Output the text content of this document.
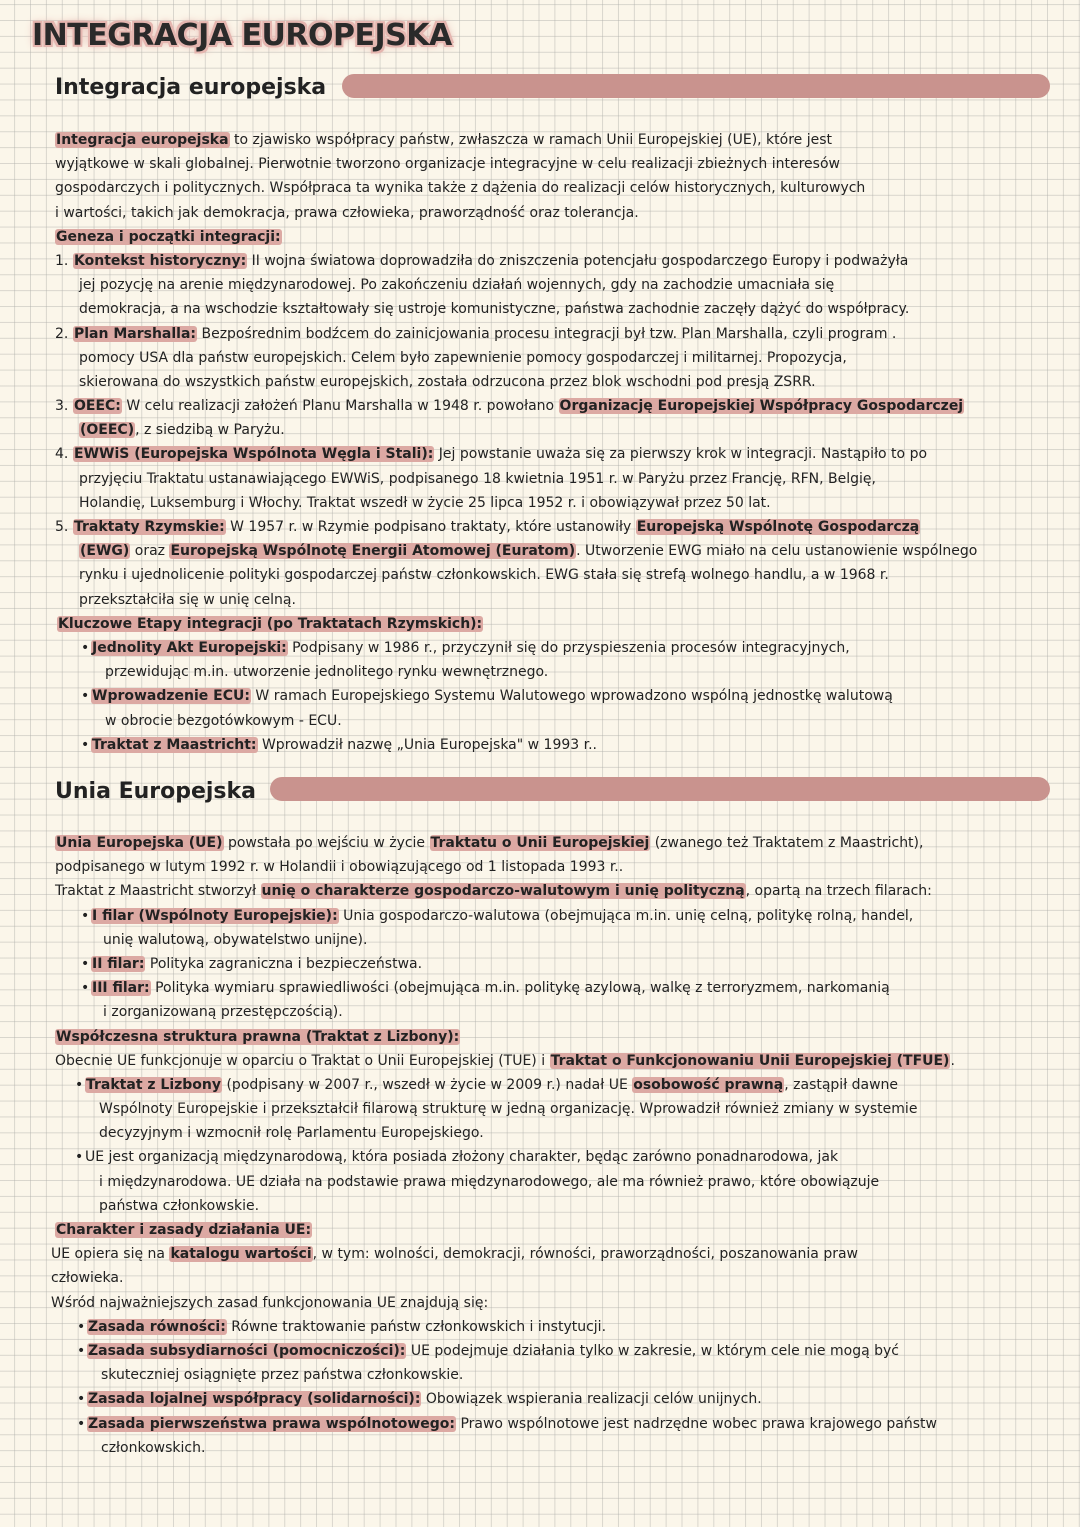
INTEGRACJA EUROPEJSKA
Integracja europejska
Integracja europejska to zjawisko współpracy państw, zwłaszcza w ramach Unii Europejskiej (UE), które jest
wyjątkowe w skali globalnej. Pierwotnie tworzono organizacje integracyjne w celu realizacji zbieżnych interesów
gospodarczych i politycznych. Współpraca ta wynika także z dążenia do realizacji celów historycznych, kulturowych
i wartości, takich jak demokracja, prawa człowieka, praworządność oraz tolerancja.
Geneza i początki integracji:
1. Kontekst historyczny: II wojna światowa doprowadziła do zniszczenia potencjału gospodarczego Europy i podważyła
jej pozycję na arenie międzynarodowej. Po zakończeniu działań wojennych, gdy na zachodzie umacniała się
demokracja, a na wschodzie kształtowały się ustroje komunistyczne, państwa zachodnie zaczęły dążyć do współpracy.
2. Plan Marshalla: Bezpośrednim bodźcem do zainicjowania procesu integracji był tzw. Plan Marshalla, czyli program .
pomocy USA dla państw europejskich. Celem było zapewnienie pomocy gospodarczej i militarnej. Propozycja,
skierowana do wszystkich państw europejskich, została odrzucona przez blok wschodni pod presją ZSRR.
3. OEEC: W celu realizacji założeń Planu Marshalla w 1948 r. powołano Organizację Europejskiej Współpracy Gospodarczej
(OEEC), z siedzibą w Paryżu.
4. EWWiS (Europejska Wspólnota Węgla i Stali): Jej powstanie uważa się za pierwszy krok w integracji. Nastąpiło to po
przyjęciu Traktatu ustanawiającego EWWiS, podpisanego 18 kwietnia 1951 r. w Paryżu przez Francję, RFN, Belgię,
Holandię, Luksemburg i Włochy. Traktat wszedł w życie 25 lipca 1952 r. i obowiązywał przez 50 lat.
5. Traktaty Rzymskie: W 1957 r. w Rzymie podpisano traktaty, które ustanowiły Europejską Wspólnotę Gospodarczą
(EWG) oraz Europejską Wspólnotę Energii Atomowej (Euratom). Utworzenie EWG miało na celu ustanowienie wspólnego
rynku i ujednolicenie polityki gospodarczej państw członkowskich. EWG stała się strefą wolnego handlu, a w 1968 r.
przekształciła się w unię celną.
Kluczowe Etapy integracji (po Traktatach Rzymskich):
• Jednolity Akt Europejski: Podpisany w 1986 r., przyczynił się do przyspieszenia procesów integracyjnych,
przewidując m.in. utworzenie jednolitego rynku wewnętrznego.
• Wprowadzenie ECU: W ramach Europejskiego Systemu Walutowego wprowadzono wspólną jednostkę walutową
w obrocie bezgotówkowym - ECU.
• Traktat z Maastricht: Wprowadził nazwę „Unia Europejska" w 1993 r..
Unia Europejska
Unia Europejska (UE) powstała po wejściu w życie Traktatu o Unii Europejskiej (zwanego też Traktatem z Maastricht),
podpisanego w lutym 1992 r. w Holandii i obowiązującego od 1 listopada 1993 r..
Traktat z Maastricht stworzył unię o charakterze gospodarczo-walutowym i unię polityczną, opartą na trzech filarach:
• I filar (Wspólnoty Europejskie): Unia gospodarczo-walutowa (obejmująca m.in. unię celną, politykę rolną, handel,
unię walutową, obywatelstwo unijne).
• II filar: Polityka zagraniczna i bezpieczeństwa.
• III filar: Polityka wymiaru sprawiedliwości (obejmująca m.in. politykę azylową, walkę z terroryzmem, narkomanią
i zorganizowaną przestępczością).
Współczesna struktura prawna (Traktat z Lizbony):
Obecnie UE funkcjonuje w oparciu o Traktat o Unii Europejskiej (TUE) i Traktat o Funkcjonowaniu Unii Europejskiej (TFUE).
• Traktat z Lizbony (podpisany w 2007 r., wszedł w życie w 2009 r.) nadał UE osobowość prawną, zastąpił dawne
Wspólnoty Europejskie i przekształcił filarową strukturę w jedną organizację. Wprowadził również zmiany w systemie
decyzyjnym i wzmocnił rolę Parlamentu Europejskiego.
• UE jest organizacją międzynarodową, która posiada złożony charakter, będąc zarówno ponadnarodowa, jak
i międzynarodowa. UE działa na podstawie prawa międzynarodowego, ale ma również prawo, które obowiązuje
państwa członkowskie.
Charakter i zasady działania UE:
UE opiera się na katalogu wartości, w tym: wolności, demokracji, równości, praworządności, poszanowania praw
człowieka.
Wśród najważniejszych zasad funkcjonowania UE znajdują się:
• Zasada równości: Równe traktowanie państw członkowskich i instytucji.
• Zasada subsydiarności (pomocniczości): UE podejmuje działania tylko w zakresie, w którym cele nie mogą być
skuteczniej osiągnięte przez państwa członkowskie.
• Zasada lojalnej współpracy (solidarności): Obowiązek wspierania realizacji celów unijnych.
• Zasada pierwszeństwa prawa wspólnotowego: Prawo wspólnotowe jest nadrzędne wobec prawa krajowego państw
członkowskich.
